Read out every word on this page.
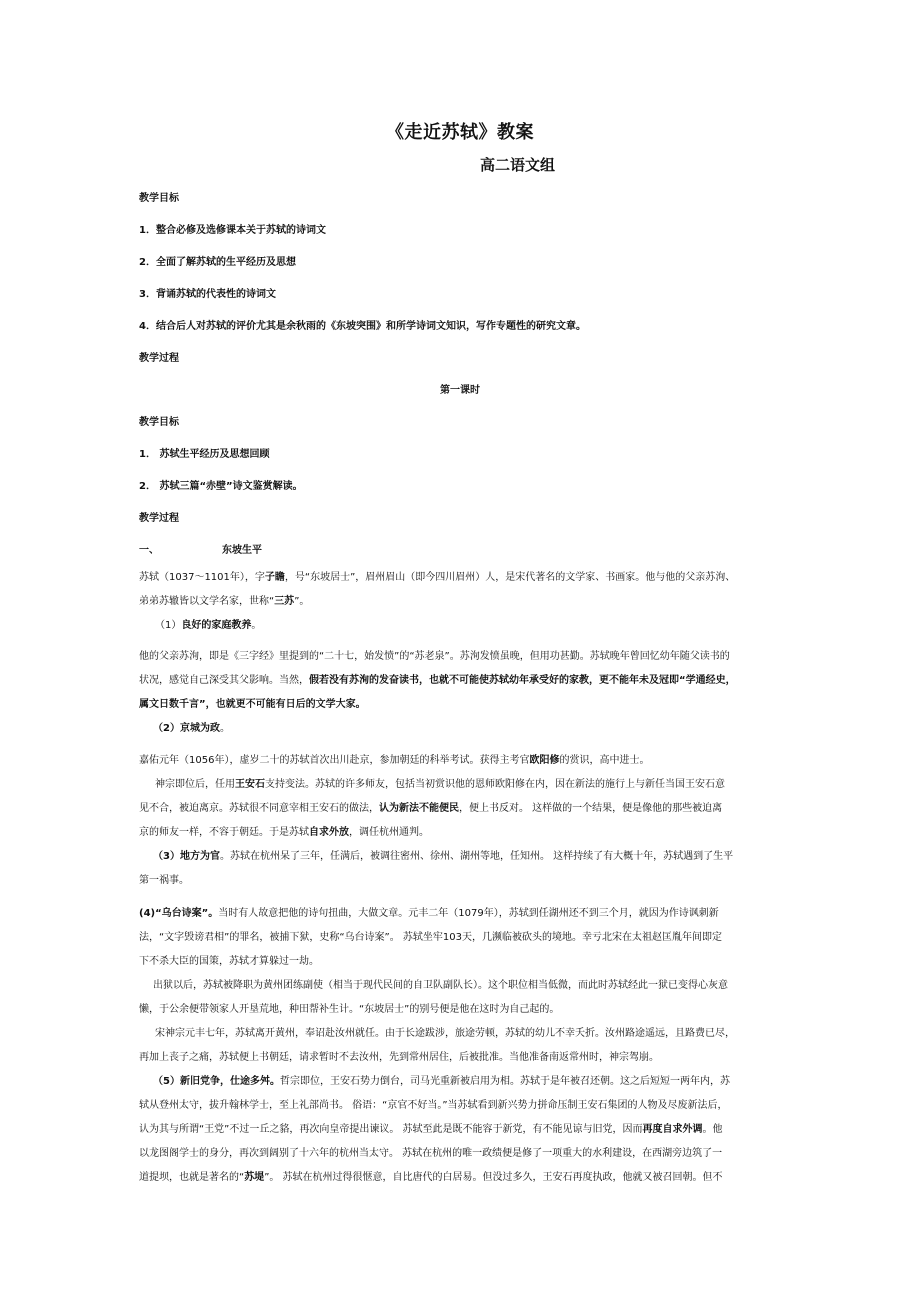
《走近苏轼》教案
高二语文组
教学目标
1．整合必修及选修课本关于苏轼的诗词文
2．全面了解苏轼的生平经历及思想
3．背诵苏轼的代表性的诗词文
4．结合后人对苏轼的评价尤其是余秋雨的《东坡突围》和所学诗词文知识，写作专题性的研究文章。
教学过程
第一课时
教学目标
1． 苏轼生平经历及思想回顾
2． 苏轼三篇“赤壁”诗文鉴赏解读。
教学过程
一、	东坡生平

苏轼（1037～1101年），字子瞻，号“东坡居士”，眉州眉山（即今四川眉州）人，是宋代著名的文学家、书画家。他与他的父亲苏洵、

弟弟苏辙皆以文学名家，世称“三苏”。

（1）良好的家庭教养。

他的父亲苏洵，即是《三字经》里提到的“二十七，始发愤”的“苏老泉”。苏洵发愤虽晚，但用功甚勤。苏轼晚年曾回忆幼年随父读书的

状况，感觉自己深受其父影响。当然，假若没有苏洵的发奋读书，也就不可能使苏轼幼年承受好的家教，更不能年未及冠即“学通经史，

属文日数千言”，也就更不可能有日后的文学大家。

（2）京城为政。

嘉佑元年（1056年），虚岁二十的苏轼首次出川赴京，参加朝廷的科举考试。获得主考官欧阳修的赏识，高中进士。

神宗即位后，任用王安石支持变法。苏轼的许多师友，包括当初赏识他的恩师欧阳修在内，因在新法的施行上与新任当国王安石意

见不合，被迫离京。苏轼很不同意宰相王安石的做法，认为新法不能便民，便上书反对。 这样做的一个结果，便是像他的那些被迫离

京的师友一样，不容于朝廷。于是苏轼自求外放，调任杭州通判。

（3）地方为官。苏轼在杭州呆了三年，任满后，被调往密州、徐州、湖州等地，任知州。 这样持续了有大概十年，苏轼遇到了生平

第一祸事。

(4)“乌台诗案”。当时有人故意把他的诗句扭曲，大做文章。元丰二年（1079年），苏轼到任湖州还不到三个月，就因为作诗讽刺新

法，“文字毁谤君相”的罪名，被捕下狱，史称“乌台诗案”。 苏轼坐牢103天，几濒临被砍头的境地。幸亏北宋在太祖赵匡胤年间即定

下不杀大臣的国策，苏轼才算躲过一劫。

出狱以后，苏轼被降职为黄州团练副使（相当于现代民间的自卫队副队长）。这个职位相当低微，而此时苏轼经此一狱已变得心灰意

懒，于公余便带领家人开垦荒地，种田帮补生计。“东坡居士”的别号便是他在这时为自己起的。

宋神宗元丰七年，苏轼离开黄州，奉诏赴汝州就任。由于长途跋涉，旅途劳顿，苏轼的幼儿不幸夭折。汝州路途遥远，且路费已尽，

再加上丧子之痛，苏轼便上书朝廷，请求暂时不去汝州，先到常州居住，后被批准。当他准备南返常州时，神宗驾崩。

（5）新旧党争，仕途多舛。哲宗即位，王安石势力倒台，司马光重新被启用为相。苏轼于是年被召还朝。这之后短短一两年内，苏

轼从登州太守，拔升翰林学士，至上礼部尚书。 俗语：“京官不好当。”当苏轼看到新兴势力拼命压制王安石集团的人物及尽废新法后，

认为其与所谓“王党”不过一丘之貉，再次向皇帝提出谏议。 苏轼至此是既不能容于新党，有不能见谅与旧党，因而再度自求外调。他

以龙图阁学士的身分，再次到阔别了十六年的杭州当太守。 苏轼在杭州的唯一政绩便是修了一项重大的水利建设，在西湖旁边筑了一

道提坝，也就是著名的“苏堤”。 苏轼在杭州过得很惬意，自比唐代的白居易。但没过多久，王安石再度执政，他就又被召回朝。但不
